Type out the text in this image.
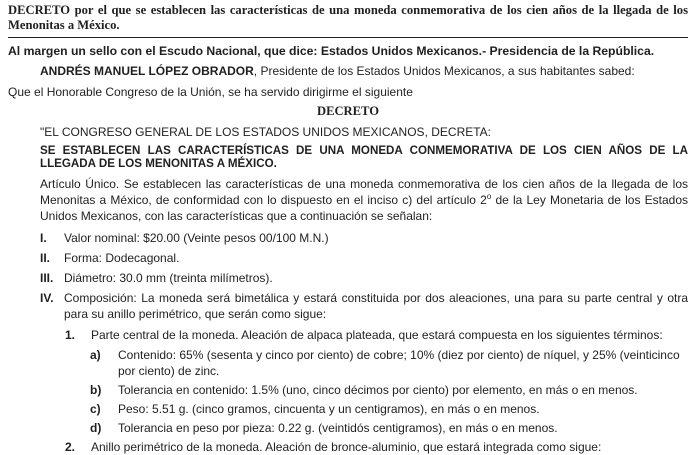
DECRETO por el que se establecen las características de una moneda conmemorativa de los cien años de la llegada de los Menonitas a México.

Al margen un sello con el Escudo Nacional, que dice: Estados Unidos Mexicanos.- Presidencia de la República.

ANDRÉS MANUEL LÓPEZ OBRADOR, Presidente de los Estados Unidos Mexicanos, a sus habitantes sabed:

Que el Honorable Congreso de la Unión, se ha servido dirigirme el siguiente

DECRETO

"EL CONGRESO GENERAL DE LOS ESTADOS UNIDOS MEXICANOS, DECRETA:

SE ESTABLECEN LAS CARACTERÍSTICAS DE UNA MONEDA CONMEMORATIVA DE LOS CIEN AÑOS DE LA LLEGADA DE LOS MENONITAS A MÉXICO.

Artículo Único. Se establecen las características de una moneda conmemorativa de los cien años de la llegada de los Menonitas a México, de conformidad con lo dispuesto en el inciso c) del artículo 2$^o$ de la Ley Monetaria de los Estados Unidos Mexicanos, con las características que a continuación se señalan:

I.	Valor nominal: $20.00 (Veinte pesos 00/100 M.N.)
II.	Forma: Dodecagonal.
III. Diámetro: 30.0 mm (treinta milímetros).
IV. Composición: La moneda será bimetálica y estará constituida por dos aleaciones, una para su parte central y otra para su anillo perimétrico, que serán como sigue:
1.	Parte central de la moneda. Aleación de alpaca plateada, que estará compuesta en los siguientes términos:
a)	Contenido: 65% (sesenta y cinco por ciento) de cobre; 10% (diez por ciento) de níquel, y 25% (veinticinco por ciento) de zinc.
b)	Tolerancia en contenido: 1.5% (uno, cinco décimos por ciento) por elemento, en más o en menos.
c)	Peso: 5.51 g. (cinco gramos, cincuenta y un centigramos), en más o en menos.
d)	Tolerancia en peso por pieza: 0.22 g. (veintidós centigramos), en más o en menos.
2.	Anillo perimétrico de la moneda. Aleación de bronce-aluminio, que estará integrada como sigue:
